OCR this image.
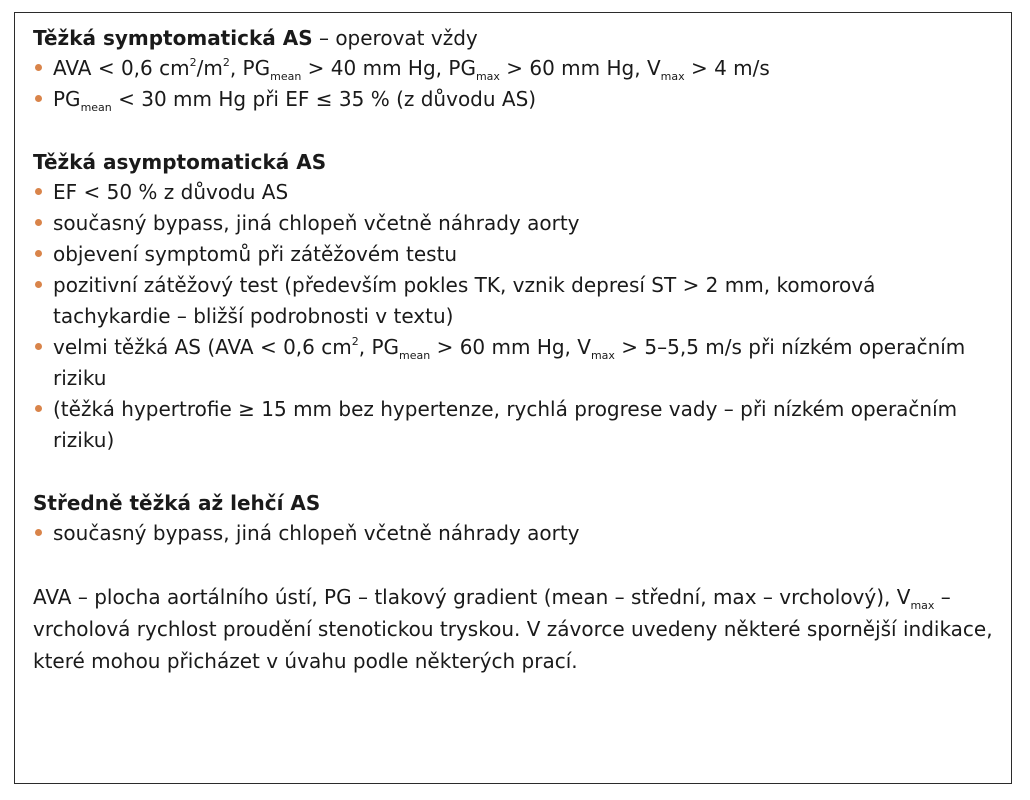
Těžká symptomatická AS – operovat vždy
AVA < 0,6 $cm^2/m^2$, $PG_{mean} > 40$ mm Hg, $PG_{max} > 60$ mm Hg, $V_{max} > 4$ m/s
$PG_{mean} < 30$ mm Hg při EF ≤ 35 % (z důvodu AS)
Těžká asymptomatická AS
EF < 50 % z důvodu AS
současný bypass, jiná chlopeň včetně náhrady aorty
objevení symptomů při zátěžovém testu
pozitivní zátěžový test (především pokles TK, vznik depresí ST > 2 mm, komorová tachykardie – bližší podrobnosti v textu)
velmi těžká AS (AVA < 0,6 $cm^2$, $PG_{mean} > 60$ mm Hg, $V_{max} > 5-5,5$ m/s při nízkém operačním riziku
(těžká hypertrofie ≥ 15 mm bez hypertenze, rychlá progrese vady – při nízkém operačním riziku)
Středně těžká až lehčí AS
současný bypass, jiná chlopeň včetně náhrady aorty
AVA – plocha aortálního ústí, PG – tlakový gradient (mean – střední, max – vrcholový), $V_{max}$ – vrcholová rychlost proudění stenotickou tryskou. V závorce uvedeny některé spornější indikace, které mohou přicházet v úvahu podle některých prací.
